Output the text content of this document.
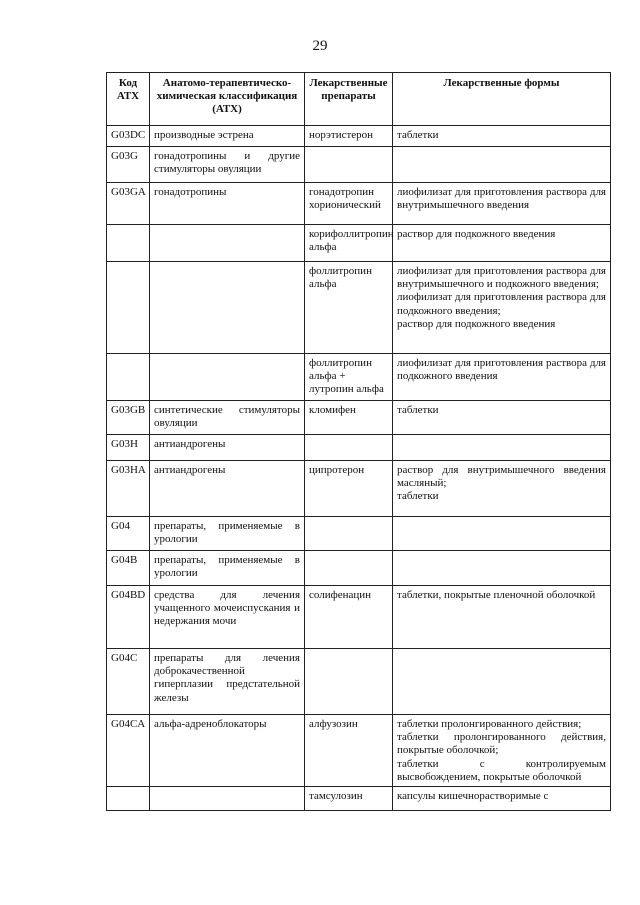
29
Код АТХ	Анатомо-терапевтическо-химическая классификация (АТХ)	Лекарственные препараты	Лекарственные формы
G03DC	производные эстрена	норэтистерон	таблетки

G03G	гонадотропины и другие стимуляторы овуляции		
G03GA	гонадотропины	гонадотропин хорионический	лиофилизат для приготовления раствора для внутримышечного введения

		корифоллитропин альфа	раствор для подкожного введения

		фоллитропин альфа	лиофилизат для приготовления раствора для внутримышечного и подкожного введения;
лиофилизат для приготовления раствора для подкожного введения;
раствор для подкожного введения

		фоллитропин альфа + лутропин альфа	лиофилизат для приготовления раствора для подкожного введения

G03GB	синтетические стимуляторы овуляции	кломифен	таблетки

G03H	антиандрогены		
G03HA	антиандрогены	ципротерон	раствор для внутримышечного введения масляный;
таблетки

G04	препараты, применяемые в урологии		
G04B	препараты, применяемые в урологии		
G04BD	средства для лечения учащенного мочеиспускания и недержания мочи	солифенацин	таблетки, покрытые пленочной оболочкой

G04C	препараты для лечения доброкачественной гиперплазии предстательной железы		
G04CA	альфа-адреноблокаторы	алфузозин	таблетки пролонгированного действия;
таблетки пролонгированного действия, покрытые оболочкой;
таблетки с контролируемым высвобождением, покрытые оболочкой

		тамсулозин	капсулы кишечнорастворимые с
